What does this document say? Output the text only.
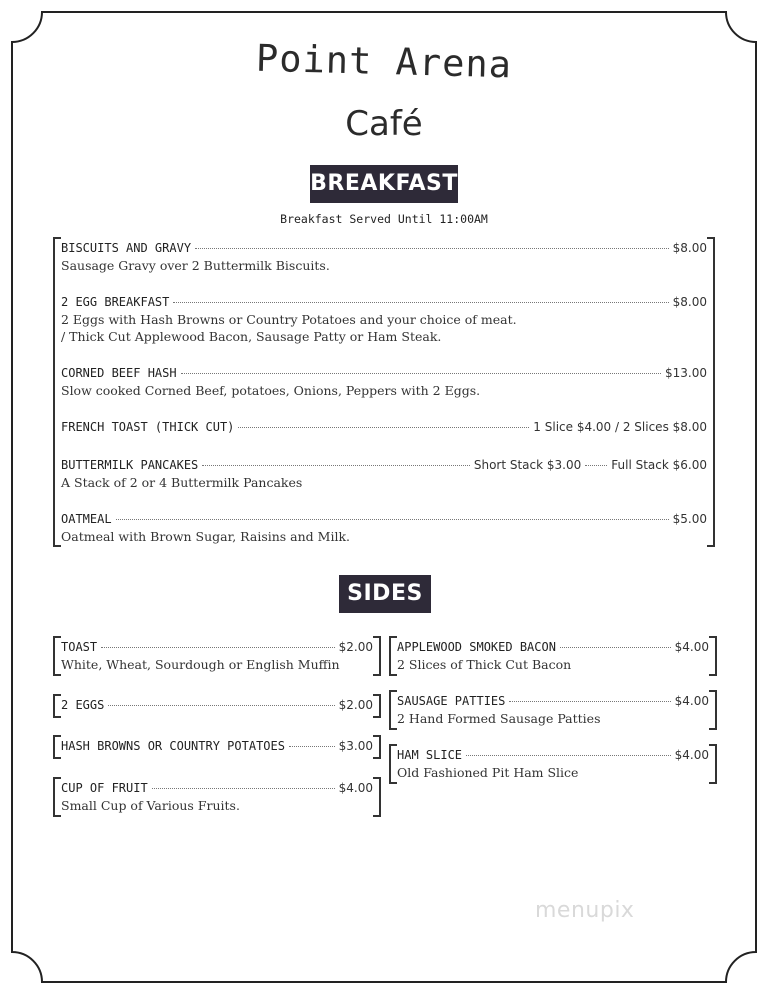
Point Arena
Café
BREAKFAST
Breakfast Served Until 11:00AM
BISCUITS AND GRAVY	$8.00
Sausage Gravy over 2 Buttermilk Biscuits.
2 EGG BREAKFAST	$8.00
2 Eggs with Hash Browns or Country Potatoes and your choice of meat.
/ Thick Cut Applewood Bacon, Sausage Patty or Ham Steak.
CORNED BEEF HASH	$13.00
Slow cooked Corned Beef, potatoes, Onions, Peppers with 2 Eggs.
FRENCH TOAST (THICK CUT)	1 Slice $4.00 / 2 Slices $8.00
BUTTERMILK PANCAKES	Short Stack $3.00	Full Stack $6.00
A Stack of 2 or 4 Buttermilk Pancakes
OATMEAL	$5.00
Oatmeal with Brown Sugar, Raisins and Milk.
SIDES
TOAST	$2.00
White, Wheat, Sourdough or English Muffin
2 EGGS	$2.00
HASH BROWNS OR COUNTRY POTATOES	$3.00
CUP OF FRUIT	$4.00
Small Cup of Various Fruits.
APPLEWOOD SMOKED BACON	$4.00
2 Slices of Thick Cut Bacon
SAUSAGE PATTIES	$4.00
2 Hand Formed Sausage Patties
HAM SLICE	$4.00
Old Fashioned Pit Ham Slice
menupix
